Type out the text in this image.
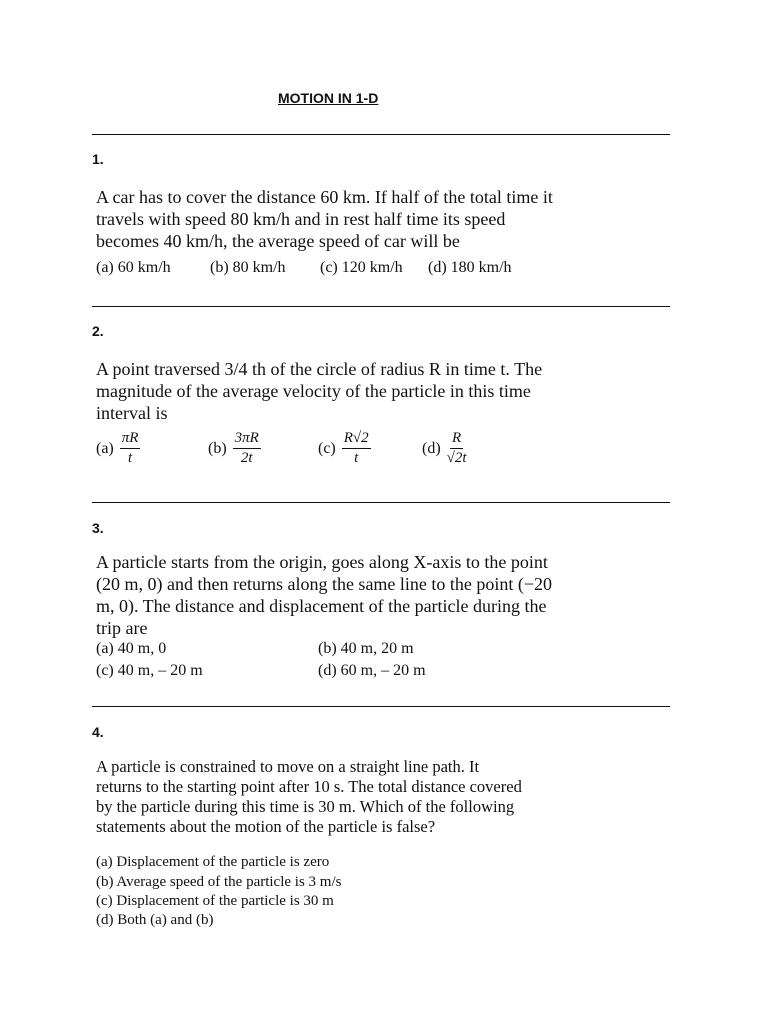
MOTION IN 1-D
1.
A car has to cover the distance 60 km. If half of the total time it travels with speed 80 km/h and in rest half time its speed becomes 40 km/h, the average speed of car will be
(a) 60 km/h (b) 80 km/h (c) 120 km/h (d) 180 km/h
2.
A point traversed 3/4 th of the circle of radius R in time t. The magnitude of the average velocity of the particle in this time interval is
$(a) \frac{\pi R}{t}$	$(b) \frac{3\pi R}{2t}$	$(c) \frac{R√2}{t}$	$(d) \frac{R}{√2t}$
3.
A particle starts from the origin, goes along X-axis to the point (20 m, 0) and then returns along the same line to the point (−20 m, 0). The distance and displacement of the particle during the trip are
(a) 40 m, 0	(b) 40 m, 20 m
(c) 40 m, – 20 m	(d) 60 m, – 20 m
4.
A particle is constrained to move on a straight line path. It returns to the starting point after 10 s. The total distance covered by the particle during this time is 30 m. Which of the following statements about the motion of the particle is false?
(a) Displacement of the particle is zero
(b) Average speed of the particle is 3 m/s
(c) Displacement of the particle is 30 m
(d) Both (a) and (b)
